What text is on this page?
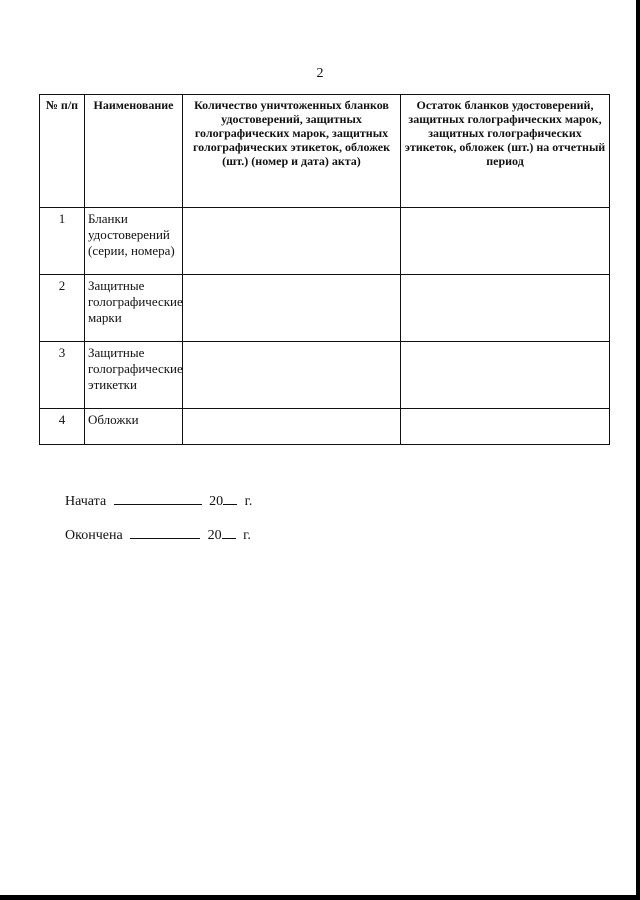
2
№ п/п	Наименование	Количество уничтоженных бланков удостоверений, защитных голографических марок, защитных голографических этикеток, обложек (шт.) (номер и дата) акта)	Остаток бланков удостоверений, защитных голографических марок, защитных голографических этикеток, обложек (шт.) на отчетный период
1	Бланки удостоверений (серии, номера)		
2	Защитные голографические марки		
3	Защитные голографические этикетки		
4	Обложки		
Начата	20 г.
Окончена	20 г.
